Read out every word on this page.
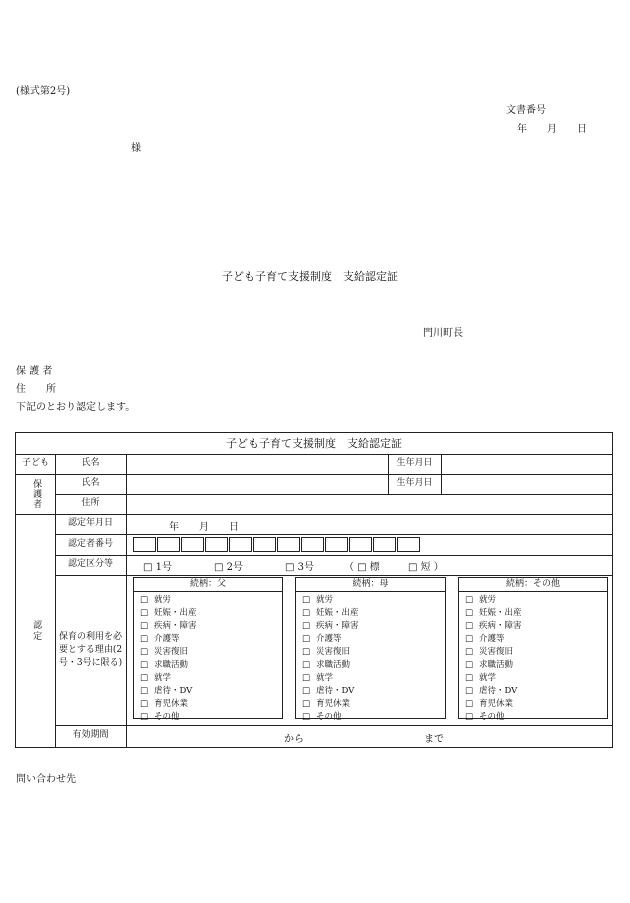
(様式第2号)
文書番号
年　　月　　日
様
子ども子育て支援制度　支給認定証
門川町長
保 護 者
住　　所
下記のとおり認定します。
子ども子育て支援制度　支給認定証
子ども	氏名	生年月日
保護者	氏名	生年月日
住所
認定
認定年月日	年　　月　　日
認定者番号
認定区分等	□ 1号	□ 2号	□ 3号	（ □ 標	□ 短 ）
保育の利用を必要とする理由(2号・3号に限る)
続柄：父
□ 就労
□ 妊娠・出産
□ 疾病・障害
□ 介護等
□ 災害復旧
□ 求職活動
□ 就学
□ 虐待・DV
□ 育児休業
□ その他
続柄：母
□ 就労
□ 妊娠・出産
□ 疾病・障害
□ 介護等
□ 災害復旧
□ 求職活動
□ 就学
□ 虐待・DV
□ 育児休業
□ その他
続柄：その他
□ 就労
□ 妊娠・出産
□ 疾病・障害
□ 介護等
□ 災害復旧
□ 求職活動
□ 就学
□ 虐待・DV
□ 育児休業
□ その他
有効期間	から	まで
問い合わせ先
